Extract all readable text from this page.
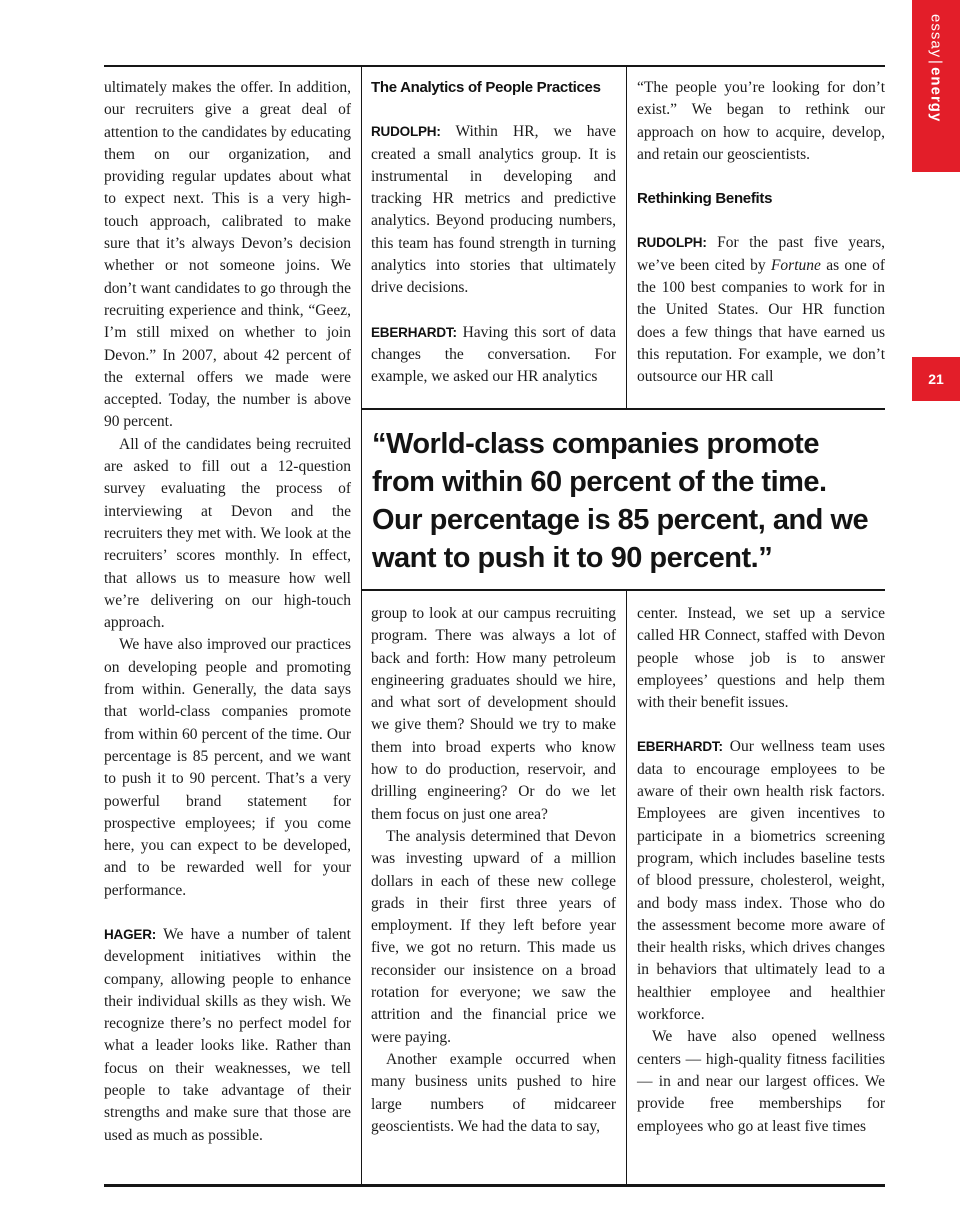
essay|energy
21

ultimately makes the offer. In addition, our recruiters give a great deal of attention to the candidates by educating them on our organization, and providing regular updates about what to expect next. This is a very high-touch approach, calibrated to make sure that it’s always Devon’s decision whether or not someone joins. We don’t want candidates to go through the recruiting experience and think, “Geez, I’m still mixed on whether to join Devon.” In 2007, about 42 percent of the external offers we made were accepted. Today, the number is above 90 percent.

All of the candidates being recruited are asked to fill out a 12-question survey evaluating the process of interviewing at Devon and the recruiters they met with. We look at the recruiters’ scores monthly. In effect, that allows us to measure how well we’re delivering on our high-touch approach.

We have also improved our practices on developing people and promoting from within. Generally, the data says that world-class companies promote from within 60 percent of the time. Our percentage is 85 percent, and we want to push it to 90 percent. That’s a very powerful brand statement for prospective employees; if you come here, you can expect to be developed, and to be rewarded well for your performance.

HAGER: We have a number of talent development initiatives within the company, allowing people to enhance their individual skills as they wish. We recognize there’s no perfect model for what a leader looks like. Rather than focus on their weaknesses, we tell people to take advantage of their strengths and make sure that those are used as much as possible.

The Analytics of People Practices

RUDOLPH: Within HR, we have created a small analytics group. It is instrumental in developing and tracking HR metrics and predictive analytics. Beyond producing numbers, this team has found strength in turning analytics into stories that ultimately drive decisions.

EBERHARDT: Having this sort of data changes the conversation. For example, we asked our HR analytics

“The people you’re looking for don’t exist.” We began to rethink our approach on how to acquire, develop, and retain our geoscientists.

Rethinking Benefits

RUDOLPH: For the past five years, we’ve been cited by Fortune as one of the 100 best companies to work for in the United States. Our HR function does a few things that have earned us this reputation. For example, we don’t outsource our HR call

“World-class companies promote from within 60 percent of the time. Our percentage is 85 percent, and we want to push it to 90 percent.”

group to look at our campus recruiting program. There was always a lot of back and forth: How many petroleum engineering graduates should we hire, and what sort of development should we give them? Should we try to make them into broad experts who know how to do production, reservoir, and drilling engineering? Or do we let them focus on just one area?

The analysis determined that Devon was investing upward of a million dollars in each of these new college grads in their first three years of employment. If they left before year five, we got no return. This made us reconsider our insistence on a broad rotation for everyone; we saw the attrition and the financial price we were paying.

Another example occurred when many business units pushed to hire large numbers of midcareer geoscientists. We had the data to say,

center. Instead, we set up a service called HR Connect, staffed with Devon people whose job is to answer employees’ questions and help them with their benefit issues.

EBERHARDT: Our wellness team uses data to encourage employees to be aware of their own health risk factors. Employees are given incentives to participate in a biometrics screening program, which includes baseline tests of blood pressure, cholesterol, weight, and body mass index. Those who do the assessment become more aware of their health risks, which drives changes in behaviors that ultimately lead to a healthier employee and healthier workforce.

We have also opened wellness centers — high-quality fitness facilities — in and near our largest offices. We provide free memberships for employees who go at least five times
